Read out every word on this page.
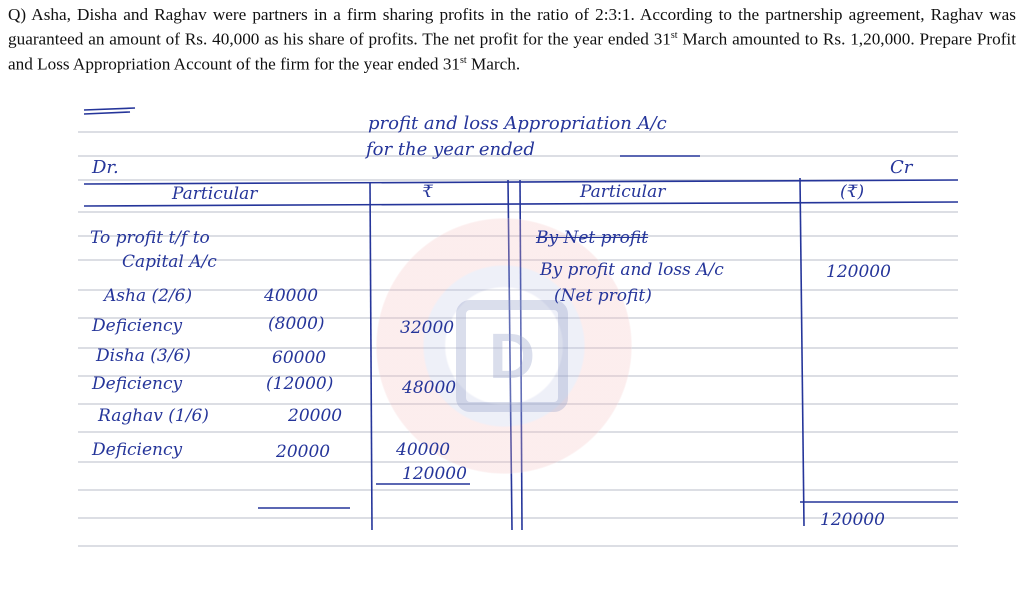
Q) Asha, Disha and Raghav were partners in a firm sharing profits in the ratio of 2:3:1. According to the partnership agreement, Raghav was guaranteed an amount of Rs. 40,000 as his share of profits. The net profit for the year ended 31st March amounted to Rs. 1,20,000. Prepare Profit and Loss Appropriation Account of the firm for the year ended 31st March.
D
profit and loss Appropriation A/c
for the year ended
Dr.	Cr
Particular	₹	Particular	(₹)
To profit t/f to
Capital A/c
Asha (2/6)	40000
Deficiency	(8000)	32000
Disha (3/6)	60000
Deficiency	(12000)	48000
Raghav (1/6)	20000
Deficiency	20000	40000
120000
By Net profit
By profit and loss A/c	120000
(Net profit)
120000
